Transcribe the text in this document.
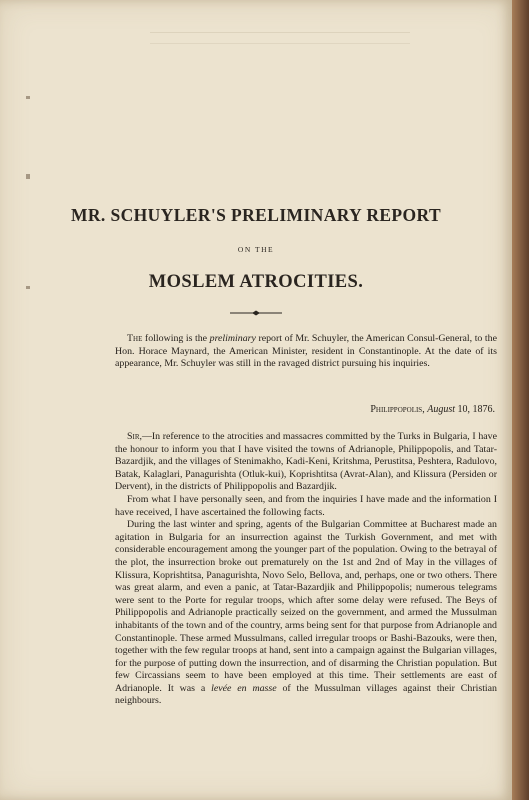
MR. SCHUYLER'S PRELIMINARY REPORT
ON THE
MOSLEM ATROCITIES.
The following is the preliminary report of Mr. Schuyler, the American Consul-General, to the Hon. Horace Maynard, the American Minister, resident in Constantinople. At the date of its appearance, Mr. Schuyler was still in the ravaged district pursuing his inquiries.
Philippopolis, August 10, 1876.

Sir,—In reference to the atrocities and massacres committed by the Turks in Bulgaria, I have the honour to inform you that I have visited the towns of Adrianople, Philippopolis, and Tatar-Bazardjik, and the villages of Stenimakho, Kadi-Keni, Kritshma, Perustitsa, Peshtera, Radulovo, Batak, Kalaglari, Panagurishta (Otluk-kui), Koprishtitsa (Avrat-Alan), and Klissura (Persiden or Dervent), in the districts of Philippopolis and Bazardjik.

From what I have personally seen, and from the inquiries I have made and the information I have received, I have ascertained the following facts.

During the last winter and spring, agents of the Bulgarian Committee at Bucharest made an agitation in Bulgaria for an insurrection against the Turkish Government, and met with considerable encouragement among the younger part of the population. Owing to the betrayal of the plot, the insurrection broke out prematurely on the 1st and 2nd of May in the villages of Klissura, Koprishtitsa, Panagurishta, Novo Selo, Bellova, and, perhaps, one or two others. There was great alarm, and even a panic, at Tatar-Bazardjik and Philippopolis; numerous telegrams were sent to the Porte for regular troops, which after some delay were refused. The Beys of Philippopolis and Adrianople practically seized on the government, and armed the Mussulman inhabitants of the town and of the country, arms being sent for that purpose from Adrianople and Constantinople. These armed Mussulmans, called irregular troops or Bashi-Bazouks, were then, together with the few regular troops at hand, sent into a campaign against the Bulgarian villages, for the purpose of putting down the insurrection, and of disarming the Christian population. But few Circassians seem to have been employed at this time. Their settlements are east of Adrianople. It was a levée en masse of the Mussulman villages against their Christian neighbours.
